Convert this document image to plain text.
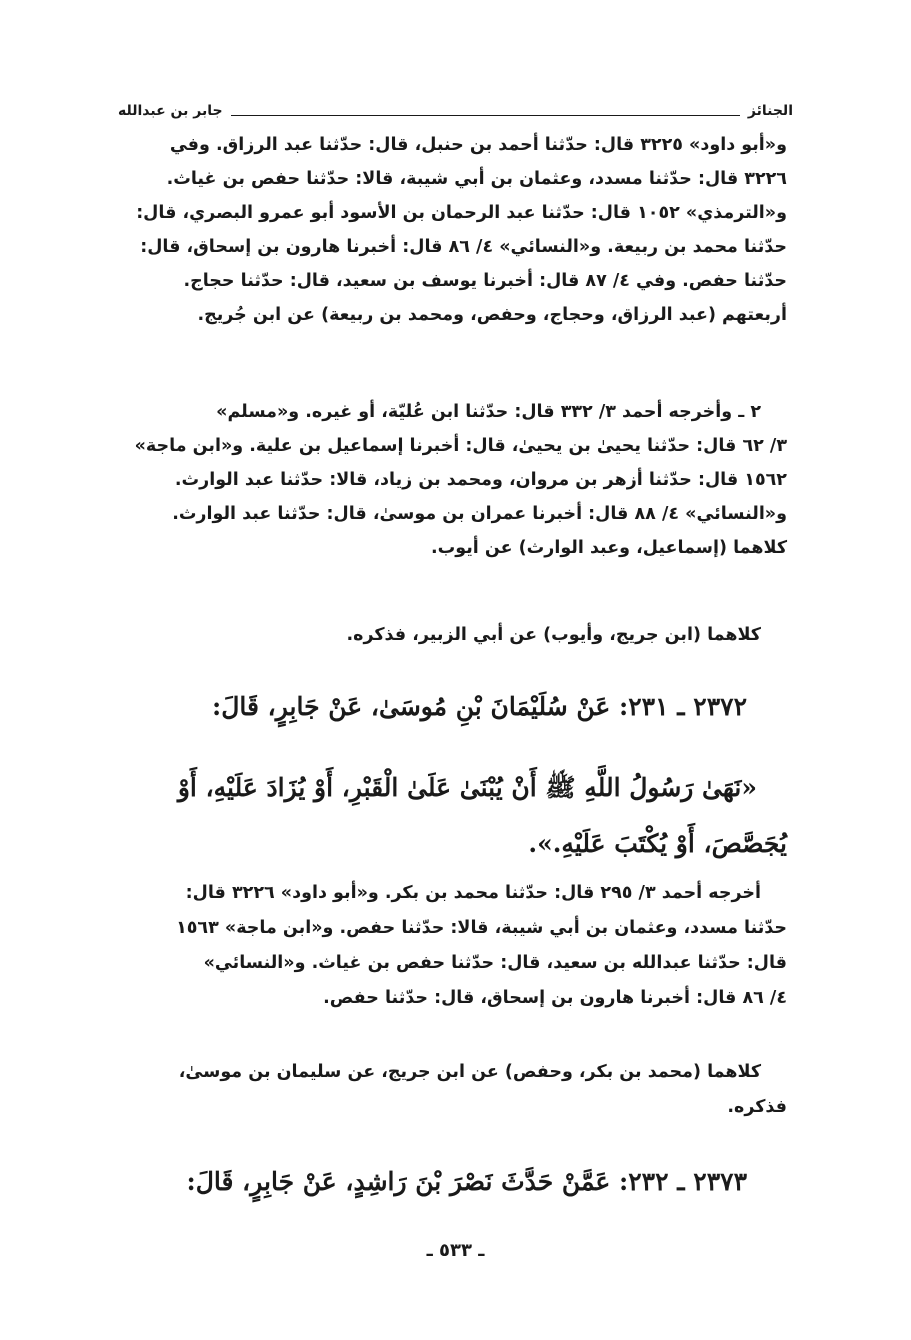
الجنائز
جابر بن عبدالله
و«أبو داود» ٣٢٢٥ قال: حدّثنا أحمد بن حنبل، قال: حدّثنا عبد الرزاق. وفي
٣٢٢٦ قال: حدّثنا مسدد، وعثمان بن أبي شيبة، قالا: حدّثنا حفص بن غياث.
و«الترمذي» ١٠٥٢ قال: حدّثنا عبد الرحمان بن الأسود أبو عمرو البصري، قال:
حدّثنا محمد بن ربيعة. و«النسائي» ٤/ ٨٦ قال: أخبرنا هارون بن إسحاق، قال:
حدّثنا حفص. وفي ٤/ ٨٧ قال: أخبرنا يوسف بن سعيد، قال: حدّثنا حجاج.
أربعتهم (عبد الرزاق، وحجاج، وحفص، ومحمد بن ربيعة) عن ابن جُريج.
٢ ـ وأخرجه أحمد ٣/ ٣٣٢ قال: حدّثنا ابن عُليّة، أو غيره. و«مسلم»
٣/ ٦٢ قال: حدّثنا يحيىٰ بن يحيىٰ، قال: أخبرنا إسماعيل بن علية. و«ابن ماجة»
١٥٦٢ قال: حدّثنا أزهر بن مروان، ومحمد بن زياد، قالا: حدّثنا عبد الوارث.
و«النسائي» ٤/ ٨٨ قال: أخبرنا عمران بن موسىٰ، قال: حدّثنا عبد الوارث.
كلاهما (إسماعيل، وعبد الوارث) عن أيوب.
كلاهما (ابن جريج، وأيوب) عن أبي الزبير، فذكره.
٢٣٧٢ ـ ٢٣١: عَنْ سُلَيْمَانَ بْنِ مُوسَىٰ، عَنْ جَابِرٍ، قَالَ:
«نَهَىٰ رَسُولُ اللَّهِ ﷺ أَنْ يُبْنَىٰ عَلَىٰ الْقَبْرِ، أَوْ يُزَادَ عَلَيْهِ، أَوْ
يُجَصَّصَ، أَوْ يُكْتَبَ عَلَيْهِ.».
أخرجه أحمد ٣/ ٢٩٥ قال: حدّثنا محمد بن بكر. و«أبو داود» ٣٢٢٦ قال:
حدّثنا مسدد، وعثمان بن أبي شيبة، قالا: حدّثنا حفص. و«ابن ماجة» ١٥٦٣
قال: حدّثنا عبدالله بن سعيد، قال: حدّثنا حفص بن غياث. و«النسائي»
٤/ ٨٦ قال: أخبرنا هارون بن إسحاق، قال: حدّثنا حفص.
كلاهما (محمد بن بكر، وحفص) عن ابن جريج، عن سليمان بن موسىٰ،
فذكره.
٢٣٧٣ ـ ٢٣٢: عَمَّنْ حَدَّثَ نَصْرَ بْنَ رَاشِدٍ، عَنْ جَابِرٍ، قَالَ:
ـ ٥٣٣ ـ
